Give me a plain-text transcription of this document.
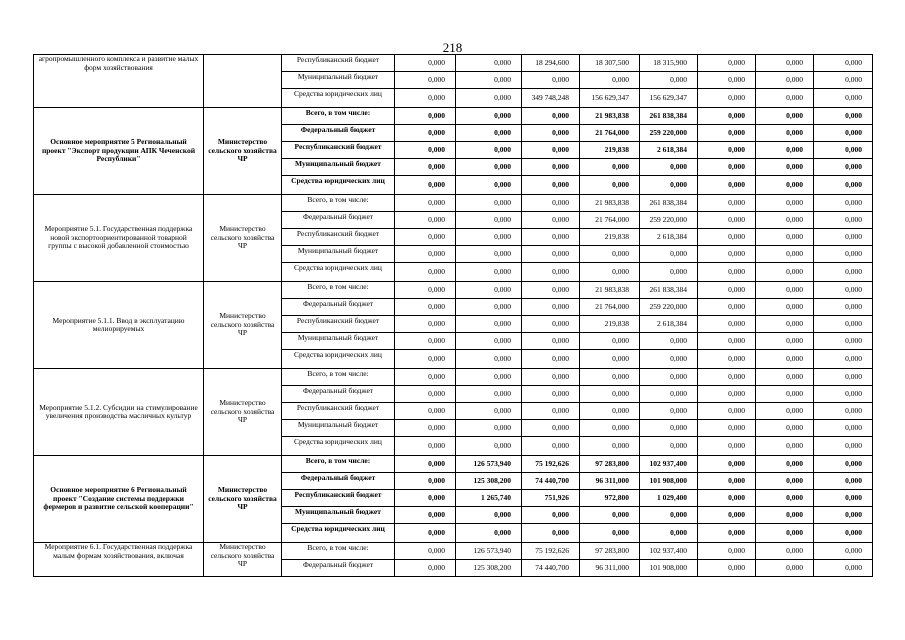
218
агропромышленного комплекса и развитие малых форм хозяйствования		Республиканский бюджет	0,000	0,000	18 294,600	18 307,500	18 315,900	0,000	0,000	0,000
		Муниципальный бюджет	0,000	0,000	0,000	0,000	0,000	0,000	0,000	0,000
		Средства юридических лиц	0,000	0,000	349 748,248	156 629,347	156 629,347	0,000	0,000	0,000
Основное мероприятие 5 Региональный проект "Экспорт продукции АПК Чеченской Республики"	Министерство сельского хозяйства ЧР	Всего, в том числе:	0,000	0,000	0,000	21 983,838	261 838,384	0,000	0,000	0,000
		Федеральный бюджет	0,000	0,000	0,000	21 764,000	259 220,000	0,000	0,000	0,000
		Республиканский бюджет	0,000	0,000	0,000	219,838	2 618,384	0,000	0,000	0,000
		Муниципальный бюджет	0,000	0,000	0,000	0,000	0,000	0,000	0,000	0,000
		Средства юридических лиц	0,000	0,000	0,000	0,000	0,000	0,000	0,000	0,000
Мероприятие 5.1. Государственная поддержка новой экспортоориентированной товарной группы с высокой добавленной стоимостью	Министерство сельского хозяйства ЧР	Всего, в том числе:	0,000	0,000	0,000	21 983,838	261 838,384	0,000	0,000	0,000
		Федеральный бюджет	0,000	0,000	0,000	21 764,000	259 220,000	0,000	0,000	0,000
		Республиканский бюджет	0,000	0,000	0,000	219,838	2 618,384	0,000	0,000	0,000
		Муниципальный бюджет	0,000	0,000	0,000	0,000	0,000	0,000	0,000	0,000
		Средства юридических лиц	0,000	0,000	0,000	0,000	0,000	0,000	0,000	0,000
Мероприятие 5.1.1. Ввод в эксплуатацию мелиорируемых	Министерство сельского хозяйства ЧР	Всего, в том числе:	0,000	0,000	0,000	21 983,838	261 838,384	0,000	0,000	0,000
		Федеральный бюджет	0,000	0,000	0,000	21 764,000	259 220,000	0,000	0,000	0,000
		Республиканский бюджет	0,000	0,000	0,000	219,838	2 618,384	0,000	0,000	0,000
		Муниципальный бюджет	0,000	0,000	0,000	0,000	0,000	0,000	0,000	0,000
		Средства юридических лиц	0,000	0,000	0,000	0,000	0,000	0,000	0,000	0,000
Мероприятие 5.1.2. Субсидии на стимулирование увеличения производства масличных культур	Министерство сельского хозяйства ЧР	Всего, в том числе:	0,000	0,000	0,000	0,000	0,000	0,000	0,000	0,000
		Федеральный бюджет	0,000	0,000	0,000	0,000	0,000	0,000	0,000	0,000
		Республиканский бюджет	0,000	0,000	0,000	0,000	0,000	0,000	0,000	0,000
		Муниципальный бюджет	0,000	0,000	0,000	0,000	0,000	0,000	0,000	0,000
		Средства юридических лиц	0,000	0,000	0,000	0,000	0,000	0,000	0,000	0,000
Основное мероприятие 6 Региональный проект "Создание системы поддержки фермеров и развитие сельской кооперации"	Министерство сельского хозяйства ЧР	Всего, в том числе:	0,000	126 573,940	75 192,626	97 283,800	102 937,400	0,000	0,000	0,000
		Федеральный бюджет	0,000	125 308,200	74 440,700	96 311,000	101 908,000	0,000	0,000	0,000
		Республиканский бюджет	0,000	1 265,740	751,926	972,800	1 029,400	0,000	0,000	0,000
		Муниципальный бюджет	0,000	0,000	0,000	0,000	0,000	0,000	0,000	0,000
		Средства юридических лиц	0,000	0,000	0,000	0,000	0,000	0,000	0,000	0,000
Мероприятие 6.1. Государственная поддержка малым формам хозяйствования, включая	Министерство сельского хозяйства ЧР	Всего, в том числе:	0,000	126 573,940	75 192,626	97 283,800	102 937,400	0,000	0,000	0,000
		Федеральный бюджет	0,000	125 308,200	74 440,700	96 311,000	101 908,000	0,000	0,000	0,000
